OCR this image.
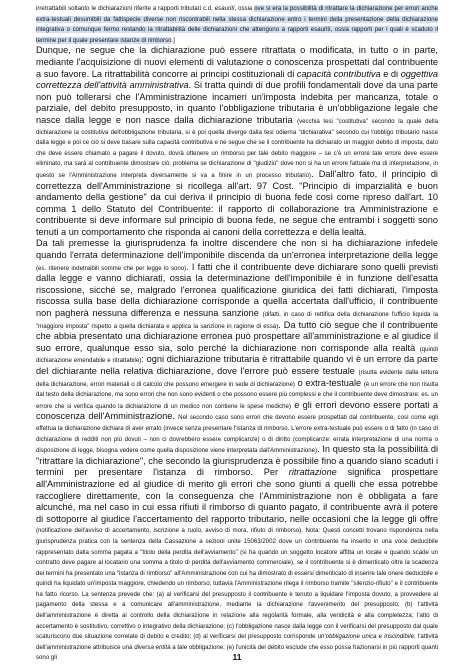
irretrattabili soltanto le dichiarazioni riferite a rapporti tributari c.d. esauriti, ossia ove si era la possibilità di ritrattare la dichiarazione per errori anche extra-testuali desumibili da fattispecie diverse non riscontrabili nella stessa dichiarazione entro i termini della presentazione della dichiarazione integrativa o comunque fermo restando la ritrattabilità delle dichiarazioni che attengono a rapporti esauriti, ossia rapporti per i quali è scaduto il termine per il quale presentare istanze di rimborso.]

Dunque, ne segue che la dichiarazione può essere ritrattata o modificata, in tutto o in parte, mediante l'acquisizione di nuovi elementi di valutazione o conoscenza prospettati dal contribuente a suo favore. La ritrattabilità concorre ai principi costituzionali di capacità contributiva e di oggettiva correttezza dell'attività amministrativa. Si tratta quindi di due profili fondamentali dove da una parte non può tollerarsi che l'Amministrazione incameri un'imposta indebita per mancanza, totale o parziale, del debito presupposto, in quanto l'obbligazione tributaria è un'obbligazione legale che nasce dalla legge e non nasce dalla dichiarazione tributaria (vecchia tesi "costitutiva" secondo la quale della dichiarazione la costitutiva dell'obbligazione tributaria, si è poi quella diverge dalla tesi odierna "dichiarativa" secondo cui l'obbligo tributario nasce dalla legge e poi ce ciò si deve basare sulla capacità contributiva e ne segue che se il contribuente ha dichiarato un maggior debito di imposta, dato che deve essere chiamato a pagare il dovuto, dovrà ottenere un rimborso per tale debito maggiore – se c'è un errore tale errore deve essere eliminato, ma sarà al contribuente dimostrare ciò: problema se dichiarazione di "giudizio" dove non si ha un errore fattuale ma di interpretazione, in questo se l'Amministrazione interpreta diversamente si va a finire in un processo tributario). Dall'altro fato, il principio di correttezza dell'Amministrazione si ricollega all'art. 97 Cost. "Principio di imparzialità e buon andamento della gestione" da cui deriva il principio di buona fede così come ripreso dall'art. 10 comma 1 dello Statuto del Contribuente: il rapporto di collaborazione tra Amministrazione e contribuente si deve informare sul principio di buona fede, ne segue che entrambi i soggetti sono tenuti a un comportamento che risponda ai canoni della correttezza e della lealtà.

Da tali premesse la giurisprudenza fa inoltre discendere che non si ha dichiarazione infedele quando l'errata determinazione dell'imponibile discenda da un'erronea interpretazione della legge (es. ritenere indetraibili somme che per legge lo sono). I fatti che il contribuente deve dichiarare sono quelli previsti dalla legge e vanno dichiarati, ossia la determinazione dell'imponibile è in funzione dell'esatta riscossione, sicché se, malgrado l'erronea qualificazione giuridica dei fatti dichiarati, l'imposta riscossa sulla base della dichiarazione corrisponde a quella accertata dall'ufficio, il contribuente non pagherà nessuna differenza e nessuna sanzione (difatti, in caso di rettifica della dichiarazione l'ufficio liquida la "maggiore imposta" rispetto a quella dichiarata e applica la sanzione in ragione di essa). Da tutto ciò segue che il contribuente che abbia presentato una dichiarazione erronea può prospettare all'amministrazione e al giudice il suo errore, qualunque esso sia, solo perché la dichiarazione non corrisponde alla realtà (quindi dichiarazione emendabile e ritrattabile): ogni dichiarazione tributaria è ritrattabile quando vi è un errore da parte del dichiarante nella relativa dichiarazione, dove l'errore può essere testuale (risulta evidente dalla lettura della dichiarazione, errori materiali o di calcolo che possono emergere in sede di dichiarazione) o extra-testuale (è un errore che non risulta dal testo della dichiarazione, ma sono errori che non sono evidenti o che possono essere più complessi e che il contribuente deve dimostrare: es. un errore che si verifica quando la dichiarazione di un medico non contiene le spese mediche) e gli errori devono essere portati a conoscenza dell'Amministrazione. Nel secondo caso sono errori che devono essere prospettati dal contribuente, così come egli effettua la dichiarazione dichiara di aver errato (invece senza presentare l'istanza di rimborso. L'errore extra-testuale può essere o di fatto (in caso di dichiarazione di redditi non più dovuti – non ci dovrebbero essere complicanze) o di diritto (complicanze: errata interpretazione di una norma o disposizione di legge, bisogna vedere come quella disposizione viene interpretata dall'Amministrazione). In questo sta la possibilità di "ritrattare la dichiarazione", che secondo la giurisprudenza è possibile fino a quando siano scaduti i termini per presentare l'istanza di rimborso. Per ritrattazione significa prospettare all'Amministrazione ed al giudice di merito gli errori che sono giunti a quelli che essa potrebbe raccogliere direttamente, con la conseguenza che l'Amministrazione non è obbligata a fare alcunché, ma nel caso in cui essa rifiuti il rimborso di quanto pagato, il contribuente avrà il potere di sottoporre al giudice l'accertamento del rapporto tributario, nelle occasioni che la legge gli offre (notificazione dell'avviso di accertamento, iscrizione a ruolo, avviso di mora, rifiuto di rimborso). Nota: Questi concetti trovano rispondenza nella giurisprudenza pratica con la sentenza della Cassazione a sezioni unite 15063/2002 dove un contribuente ha inserito in una voce deducibile rappresentato dalla somma pagata a "titolo della perdita dell'avviamento" (si ha quando un soggetto locatore affitta un locale e quando scade un contratto deve pagare al locatario una somma a titolo di perdita dell'avviamento commerciale), se il contribuente si è dimenticato oltre la scadenza dei termini ha presentato una "istanza di rimborso" all'Amministrazione con cui ha dimostrato di essersi dimenticato di inserire tale onere deducibile e quindi ha liquidato un'imposta maggiore, chiedendo un rimborso; tuttavia l'Amministrazione rilega il rimborso tramite "silenzio-rifiuto" e il contribuente ha fatto ricorso. La sentenza prevede che: (a) al verificarsi del presupposto il contribuente è tenuto a liquidare l'imposta dovuto, a provvedere al pagamento della stessa e a comunicare all'amministrazione, mediante la dichiarazione l'avvenimento del presupposto; (b) l'attività dell'amministrazione è diretta al controllo della dichiarazione in relazione alla regolarità formale, alla veridicità e alla completezza; l'atto di accertamento è sostitutivo, correttivo o integrativo della dichiarazione; (c) l'obbligazione nasce dalla legge con il verificarsi del presupposto dal quale scaturiscono due situazione correlate di debito e credito; (d) al verificarsi del presupposto corrisponde un'obbligazione unica e inscindibile; l'attività dell'amministrazione attribuisce una diversa entità a tale obbligazione; (e) l'unicità del debito esclude che esso possa frazionarsi in più rapporti quanti sono gli	11
